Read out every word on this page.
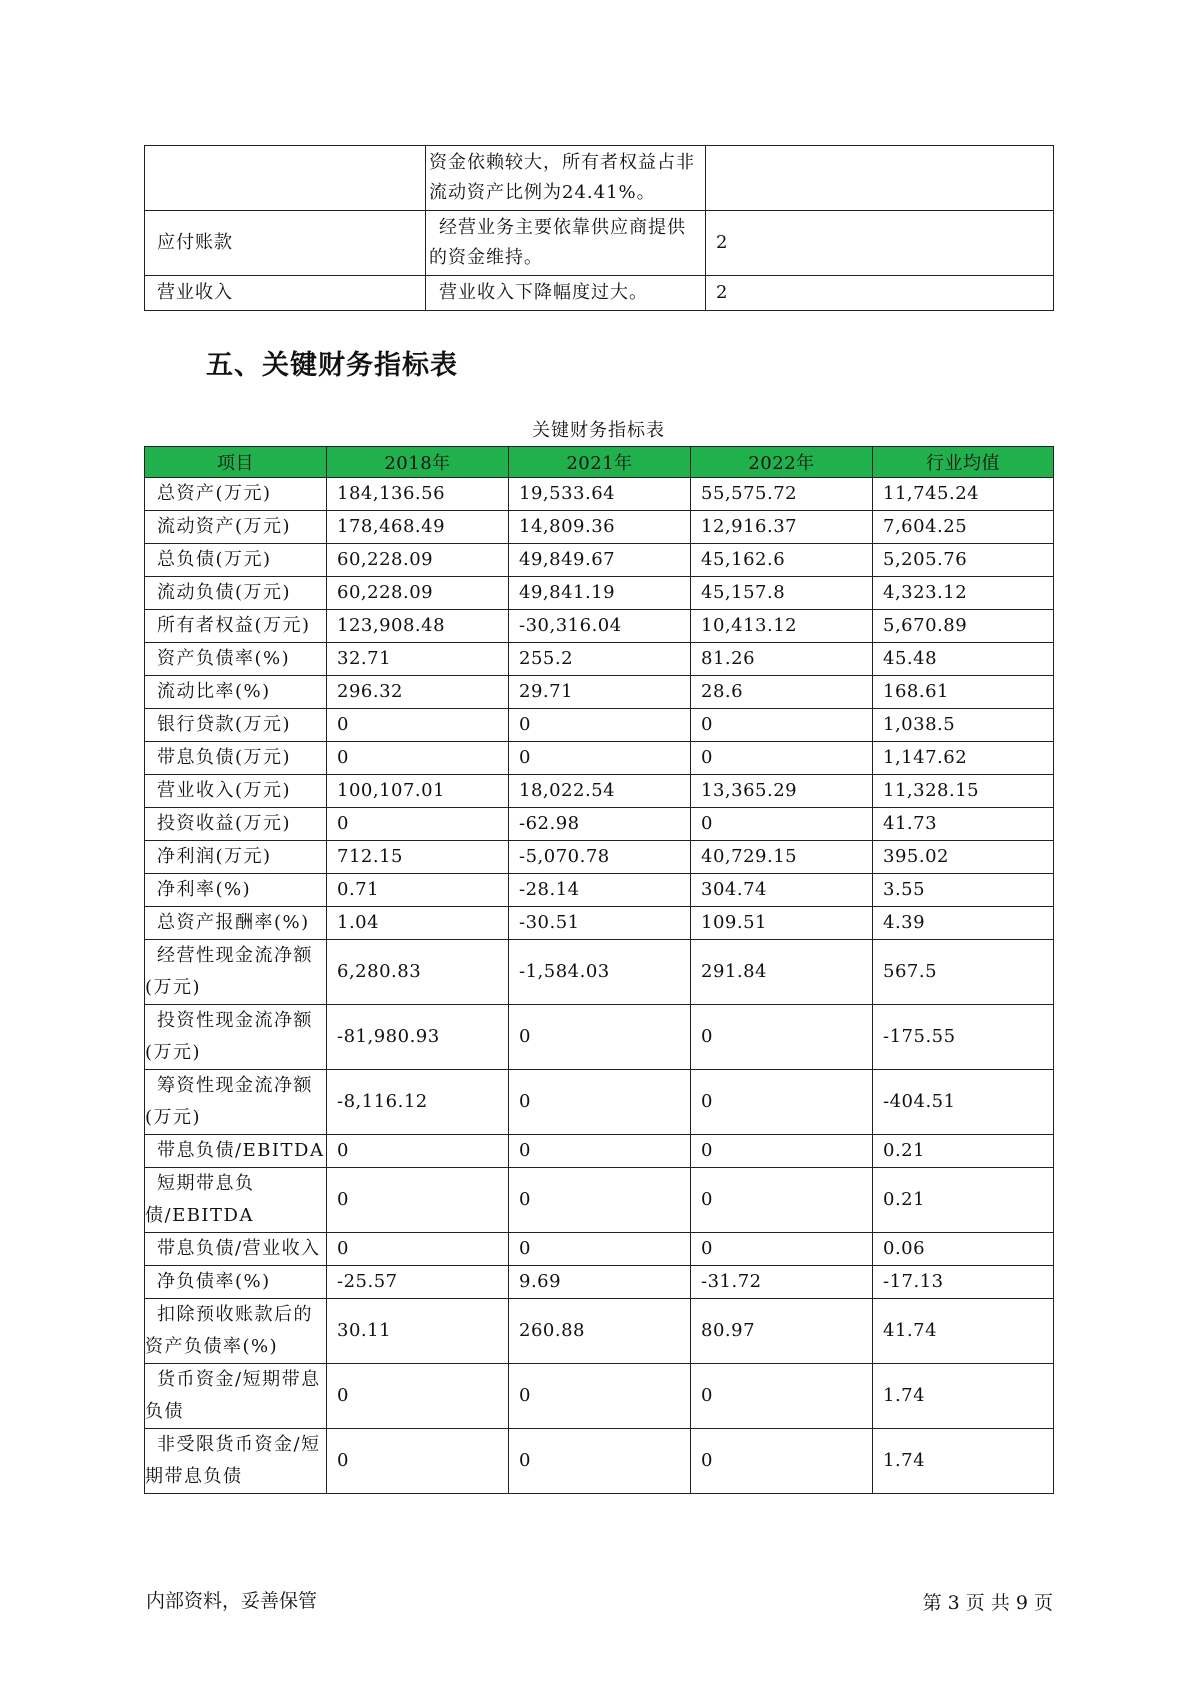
	资金依赖较大，所有者权益占非流动资产比例为24.41%。	
应付账款	经营业务主要依靠供应商提供的资金维持。	2
营业收入	营业收入下降幅度过大。	2
五、关键财务指标表
关键财务指标表
项目	2018年	2021年	2022年	行业均值
总资产(万元)	184,136.56	19,533.64	55,575.72	11,745.24
流动资产(万元)	178,468.49	14,809.36	12,916.37	7,604.25
总负债(万元)	60,228.09	49,849.67	45,162.6	5,205.76
流动负债(万元)	60,228.09	49,841.19	45,157.8	4,323.12
所有者权益(万元)	123,908.48	-30,316.04	10,413.12	5,670.89
资产负债率(%)	32.71	255.2	81.26	45.48
流动比率(%)	296.32	29.71	28.6	168.61
银行贷款(万元)	0	0	0	1,038.5
带息负债(万元)	0	0	0	1,147.62
营业收入(万元)	100,107.01	18,022.54	13,365.29	11,328.15
投资收益(万元)	0	-62.98	0	41.73
净利润(万元)	712.15	-5,070.78	40,729.15	395.02
净利率(%)	0.71	-28.14	304.74	3.55
总资产报酬率(%)	1.04	-30.51	109.51	4.39
经营性现金流净额(万元)	6,280.83	-1,584.03	291.84	567.5
投资性现金流净额(万元)	-81,980.93	0	0	-175.55
筹资性现金流净额(万元)	-8,116.12	0	0	-404.51
带息负债/EBITDA	0	0	0	0.21
短期带息负债/EBITDA	0	0	0	0.21
带息负债/营业收入	0	0	0	0.06
净负债率(%)	-25.57	9.69	-31.72	-17.13
扣除预收账款后的资产负债率(%)	30.11	260.88	80.97	41.74
货币资金/短期带息负债	0	0	0	1.74
非受限货币资金/短期带息负债	0	0	0	1.74
内部资料，妥善保管	第 3 页 共 9 页
